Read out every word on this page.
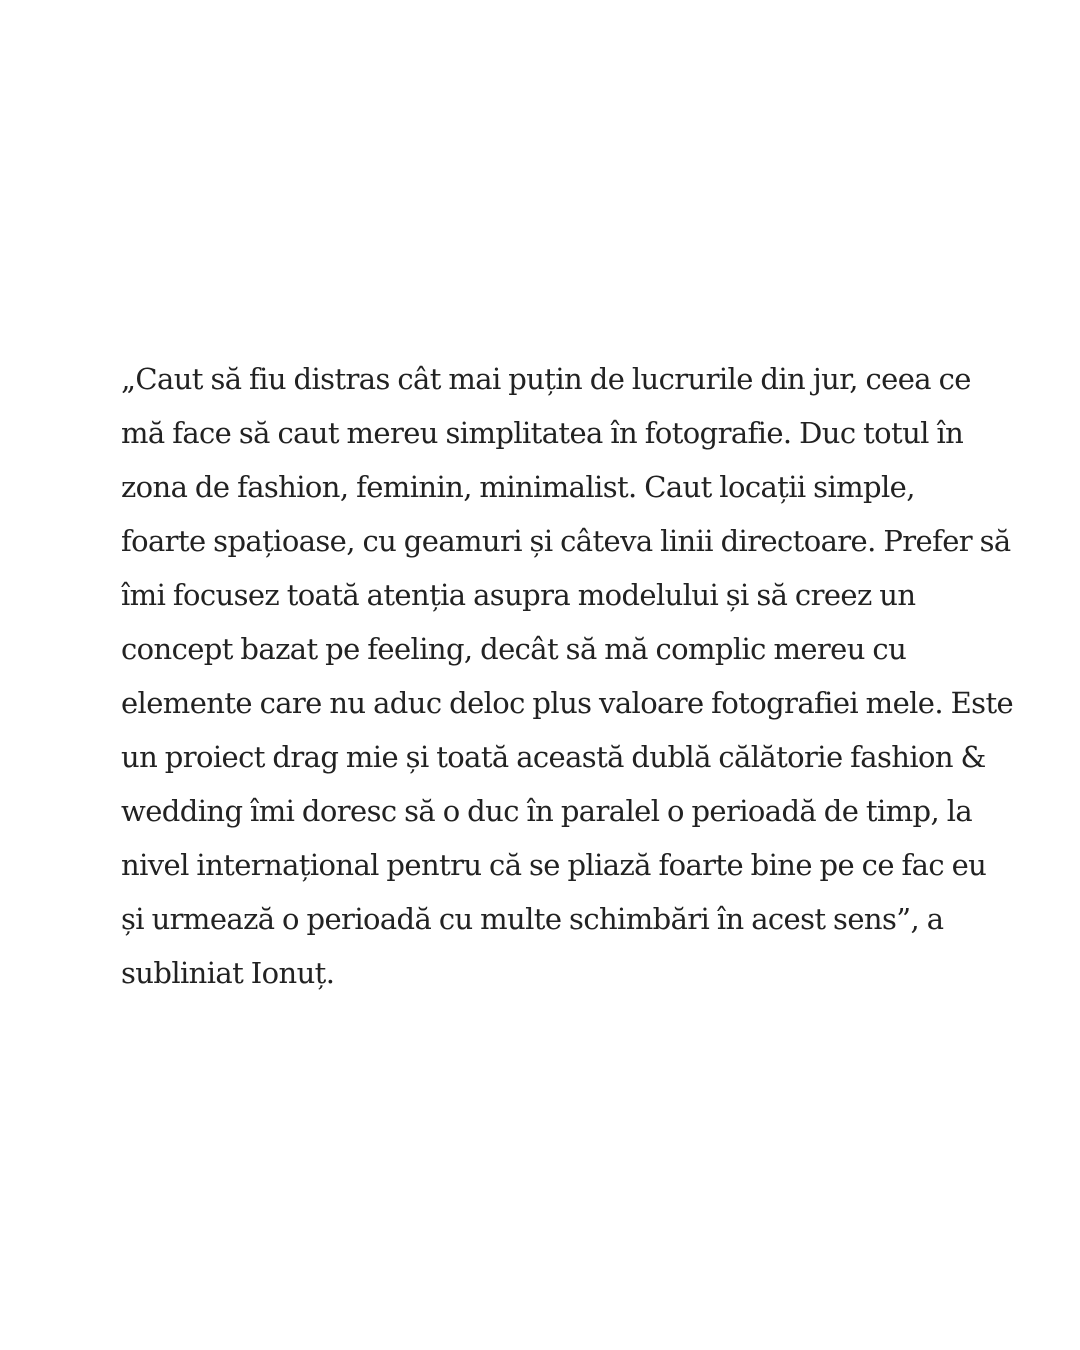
„Caut să fiu distras cât mai puțin de lucrurile din jur, ceea ce
mă face să caut mereu simplitatea în fotografie. Duc totul în
zona de fashion, feminin, minimalist. Caut locații simple,
foarte spațioase, cu geamuri și câteva linii directoare. Prefer să
îmi focusez toată atenția asupra modelului și să creez un
concept bazat pe feeling, decât să mă complic mereu cu
elemente care nu aduc deloc plus valoare fotografiei mele. Este
un proiect drag mie și toată această dublă călătorie fashion &
wedding îmi doresc să o duc în paralel o perioadă de timp, la
nivel internațional pentru că se pliază foarte bine pe ce fac eu
și urmează o perioadă cu multe schimbări în acest sens”, a
subliniat Ionuț.
